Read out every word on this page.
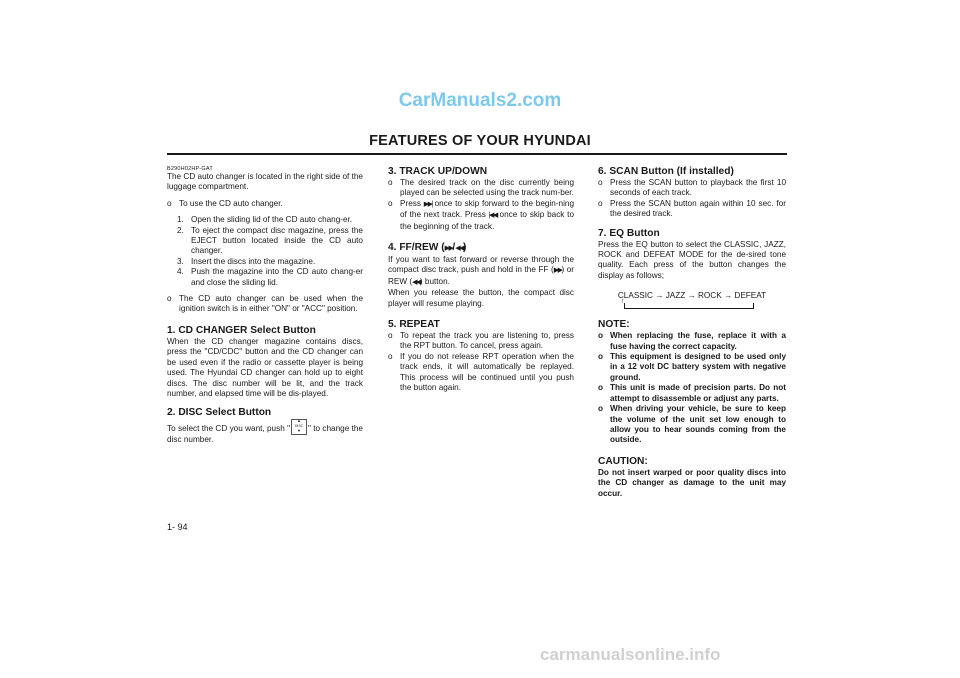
CarManuals2.com
FEATURES OF YOUR HYUNDAI

B290H02HP-GAT

The CD auto changer is located in the right side of the luggage compartment.

o To use the CD auto changer.
1. Open the sliding lid of the CD auto chang-er.
2. To eject the compact disc magazine, press the EJECT button located inside the CD auto changer.
3. Insert the discs into the magazine.
4. Push the magazine into the CD auto chang-er and close the sliding lid.
o The CD auto changer can be used when the ignition switch is in either "ON" or "ACC" position.
1. CD CHANGER Select Button

When the CD changer magazine contains discs, press the "CD/CDC" button and the CD changer can be used even if the radio or cassette player is being used. The Hyundai CD changer can hold up to eight discs. The disc number will be lit, and the track number, and elapsed time will be dis-played.

2. DISC Select Button

To select the CD you want, push "
▲
DISC
▼ " to change the disc number.

3. TRACK UP/DOWN
o The desired track on the disc currently being played can be selected using the track num-ber.
o Press ▶▶| once to skip forward to the begin-ning of the next track. Press |◀◀ once to skip back to the beginning of the track.
4. FF/REW (▶▶/◀◀)

If you want to fast forward or reverse through the compact disc track, push and hold in the FF (▶▶) or REW (◀◀) button.

When you release the button, the compact disc player will resume playing.

5. REPEAT
o To repeat the track you are listening to, press the RPT button. To cancel, press again.
o If you do not release RPT operation when the track ends, it will automatically be replayed. This process will be continued until you push the button again.
6. SCAN Button (If installed)
o Press the SCAN button to playback the first 10 seconds of each track.
o Press the SCAN button again within 10 sec. for the desired track.
7. EQ Button

Press the EQ button to select the CLASSIC, JAZZ, ROCK and DEFEAT MODE for the de-sired tone quality. Each press of the button changes the display as follows;

CLASSIC → JAZZ → ROCK → DEFEAT
↑
NOTE:
o When replacing the fuse, replace it with a fuse having the correct capacity.
o This equipment is designed to be used only in a 12 volt DC battery system with negative ground.
o This unit is made of precision parts. Do not attempt to disassemble or adjust any parts.
o When driving your vehicle, be sure to keep the volume of the unit set low enough to allow you to hear sounds coming from the outside.
CAUTION:

Do not insert warped or poor quality discs into the CD changer as damage to the unit may occur.

1- 94
carmanualsonline.info
